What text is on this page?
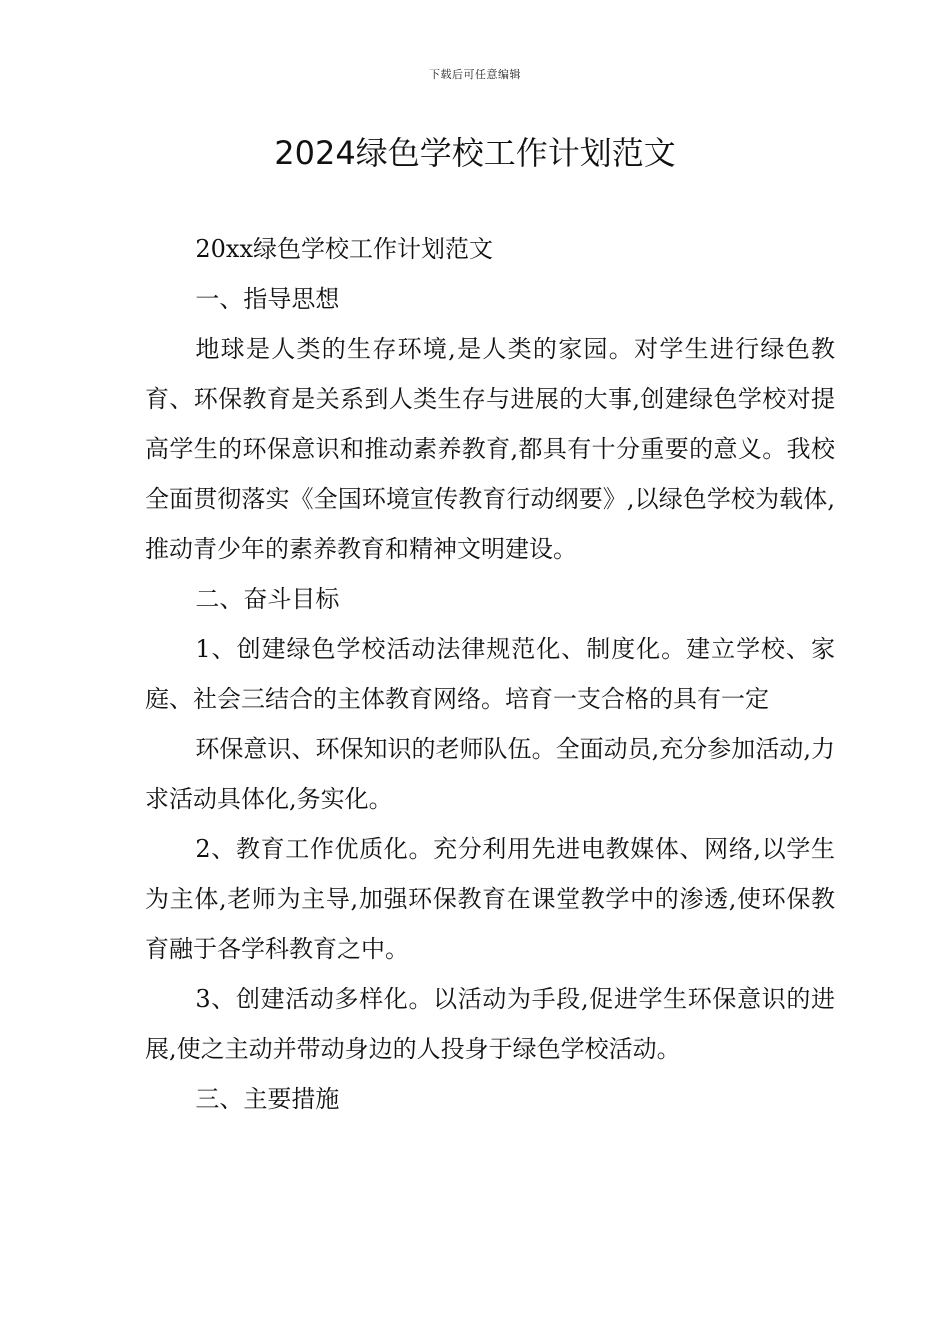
下载后可任意编辑
2024绿色学校工作计划范文

20xx绿色学校工作计划范文

一、指导思想

地球是人类的生存环境,是人类的家园。对学生进行绿色教育、环保教育是关系到人类生存与进展的大事,创建绿色学校对提高学生的环保意识和推动素养教育,都具有十分重要的意义。我校全面贯彻落实《全国环境宣传教育行动纲要》,以绿色学校为载体,推动青少年的素养教育和精神文明建设。

二、奋斗目标

1、创建绿色学校活动法律规范化、制度化。建立学校、家庭、社会三结合的主体教育网络。培育一支合格的具有一定

环保意识、环保知识的老师队伍。全面动员,充分参加活动,力求活动具体化,务实化。

2、教育工作优质化。充分利用先进电教媒体、网络,以学生为主体,老师为主导,加强环保教育在课堂教学中的渗透,使环保教育融于各学科教育之中。

3、创建活动多样化。以活动为手段,促进学生环保意识的进展,使之主动并带动身边的人投身于绿色学校活动。

三、主要措施
